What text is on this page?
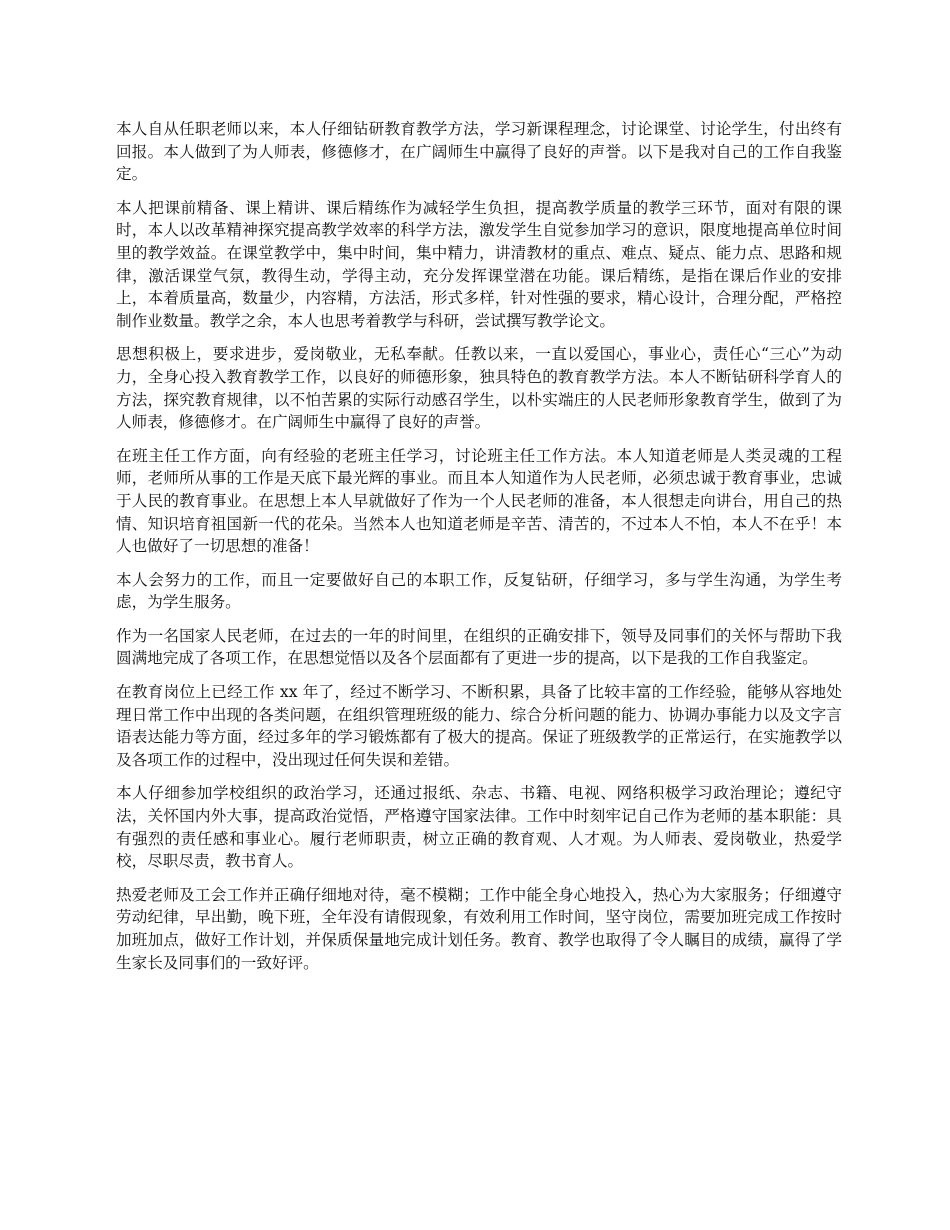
本人自从任职老师以来，本人仔细钻研教育教学方法，学习新课程理念，讨论课堂、讨论学生，付出终有回报。本人做到了为人师表，修德修才，在广阔师生中赢得了良好的声誉。以下是我对自己的工作自我鉴定。

本人把课前精备、课上精讲、课后精练作为减轻学生负担，提高教学质量的教学三环节，面对有限的课时，本人以改革精神探究提高教学效率的科学方法，激发学生自觉参加学习的意识，限度地提高单位时间里的教学效益。在课堂教学中，集中时间，集中精力，讲清教材的重点、难点、疑点、能力点、思路和规律，激活课堂气氛，教得生动，学得主动，充分发挥课堂潜在功能。课后精练，是指在课后作业的安排上，本着质量高，数量少，内容精，方法活，形式多样，针对性强的要求，精心设计，合理分配，严格控制作业数量。教学之余，本人也思考着教学与科研，尝试撰写教学论文。

思想积极上，要求进步，爱岗敬业，无私奉献。任教以来，一直以爱国心，事业心，责任心“三心”为动力，全身心投入教育教学工作，以良好的师德形象，独具特色的教育教学方法。本人不断钻研科学育人的方法，探究教育规律，以不怕苦累的实际行动感召学生，以朴实端庄的人民老师形象教育学生，做到了为人师表，修德修才。在广阔师生中赢得了良好的声誉。

在班主任工作方面，向有经验的老班主任学习，讨论班主任工作方法。本人知道老师是人类灵魂的工程师，老师所从事的工作是天底下最光辉的事业。而且本人知道作为人民老师，必须忠诚于教育事业，忠诚于人民的教育事业。在思想上本人早就做好了作为一个人民老师的准备，本人很想走向讲台，用自己的热情、知识培育祖国新一代的花朵。当然本人也知道老师是辛苦、清苦的，不过本人不怕，本人不在乎！本人也做好了一切思想的准备！

本人会努力的工作，而且一定要做好自己的本职工作，反复钻研，仔细学习，多与学生沟通，为学生考虑，为学生服务。

作为一名国家人民老师，在过去的一年的时间里，在组织的正确安排下，领导及同事们的关怀与帮助下我圆满地完成了各项工作，在思想觉悟以及各个层面都有了更进一步的提高，以下是我的工作自我鉴定。

在教育岗位上已经工作 xx 年了，经过不断学习、不断积累，具备了比较丰富的工作经验，能够从容地处理日常工作中出现的各类问题，在组织管理班级的能力、综合分析问题的能力、协调办事能力以及文字言语表达能力等方面，经过多年的学习锻炼都有了极大的提高。保证了班级教学的正常运行，在实施教学以及各项工作的过程中，没出现过任何失误和差错。

本人仔细参加学校组织的政治学习，还通过报纸、杂志、书籍、电视、网络积极学习政治理论；遵纪守法，关怀国内外大事，提高政治觉悟，严格遵守国家法律。工作中时刻牢记自己作为老师的基本职能：具有强烈的责任感和事业心。履行老师职责，树立正确的教育观、人才观。为人师表、爱岗敬业，热爱学校，尽职尽责，教书育人。

热爱老师及工会工作并正确仔细地对待，毫不模糊；工作中能全身心地投入，热心为大家服务；仔细遵守劳动纪律，早出勤，晚下班，全年没有请假现象，有效利用工作时间，坚守岗位，需要加班完成工作按时加班加点，做好工作计划，并保质保量地完成计划任务。教育、教学也取得了令人瞩目的成绩，赢得了学生家长及同事们的一致好评。
